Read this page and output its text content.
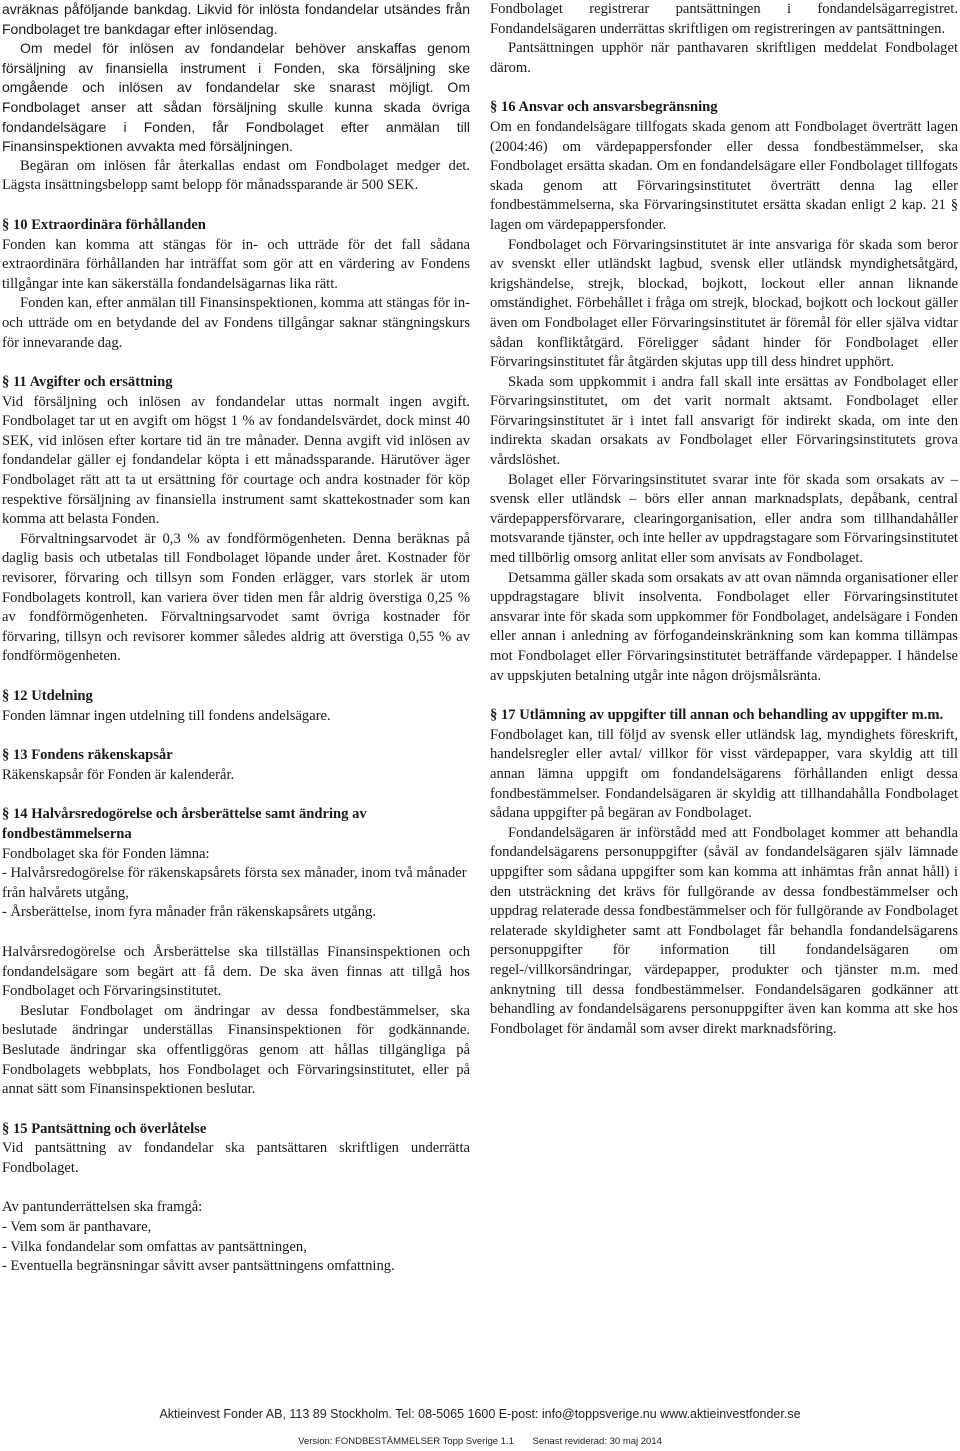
avräknas påföljande bankdag. Likvid för inlösta fondandelar utsändes från Fondbolaget tre bankdagar efter inlösendag.

Om medel för inlösen av fondandelar behöver anskaffas genom försäljning av finansiella instrument i Fonden, ska försäljning ske omgående och inlösen av fondandelar ske snarast möjligt. Om Fondbolaget anser att sådan försäljning skulle kunna skada övriga fondandelsägare i Fonden, får Fondbolaget efter anmälan till Finansinspektionen avvakta med försäljningen.

Begäran om inlösen får återkallas endast om Fondbolaget medger det. Lägsta insättningsbelopp samt belopp för månadssparande är 500 SEK.

§ 10 Extraordinära förhållanden

Fonden kan komma att stängas för in- och utträde för det fall sådana extraordinära förhållanden har inträffat som gör att en värdering av Fondens tillgångar inte kan säkerställa fondandelsägarnas lika rätt.

Fonden kan, efter anmälan till Finansinspektionen, komma att stängas för in- och utträde om en betydande del av Fondens tillgångar saknar stängningskurs för innevarande dag.

§ 11 Avgifter och ersättning

Vid försäljning och inlösen av fondandelar uttas normalt ingen avgift. Fondbolaget tar ut en avgift om högst 1 % av fondandelsvärdet, dock minst 40 SEK, vid inlösen efter kortare tid än tre månader. Denna avgift vid inlösen av fondandelar gäller ej fondandelar köpta i ett månadssparande. Härutöver äger Fondbolaget rätt att ta ut ersättning för courtage och andra kostnader för köp respektive försäljning av finansiella instrument samt skattekostnader som kan komma att belasta Fonden.

Förvaltningsarvodet är 0,3 % av fondförmögenheten. Denna beräknas på daglig basis och utbetalas till Fondbolaget löpande under året. Kostnader för revisorer, förvaring och tillsyn som Fonden erlägger, vars storlek är utom Fondbolagets kontroll, kan variera över tiden men får aldrig överstiga 0,25 % av fondförmögenheten. Förvaltningsarvodet samt övriga kostnader för förvaring, tillsyn och revisorer kommer således aldrig att överstiga 0,55 % av fondförmögenheten.

§ 12 Utdelning

Fonden lämnar ingen utdelning till fondens andelsägare.

§ 13 Fondens räkenskapsår

Räkenskapsår för Fonden är kalenderår.

§ 14 Halvårsredogörelse och årsberättelse samt ändring av fondbestämmelserna

Fondbolaget ska för Fonden lämna:

- Halvårsredogörelse för räkenskapsårets första sex månader, inom två månader från halvårets utgång,

- Årsberättelse, inom fyra månader från räkenskapsårets utgång.

Halvårsredogörelse och Årsberättelse ska tillställas Finansinspektionen och fondandelsägare som begärt att få dem. De ska även finnas att tillgå hos Fondbolaget och Förvaringsinstitutet.

Beslutar Fondbolaget om ändringar av dessa fondbestämmelser, ska beslutade ändringar underställas Finansinspektionen för godkännande. Beslutade ändringar ska offentliggöras genom att hållas tillgängliga på Fondbolagets webbplats, hos Fondbolaget och Förvaringsinstitutet, eller på annat sätt som Finansinspektionen beslutar.

§ 15 Pantsättning och överlåtelse

Vid pantsättning av fondandelar ska pantsättaren skriftligen underrätta Fondbolaget.

Av pantunderrättelsen ska framgå:

- Vem som är panthavare,

- Vilka fondandelar som omfattas av pantsättningen,

- Eventuella begränsningar såvitt avser pantsättningens omfattning.

Fondbolaget registrerar pantsättningen i fondandelsägarregistret. Fondandelsägaren underrättas skriftligen om registreringen av pantsättningen.

Pantsättningen upphör när panthavaren skriftligen meddelat Fondbolaget därom.

§ 16 Ansvar och ansvarsbegränsning

Om en fondandelsägare tillfogats skada genom att Fondbolaget överträtt lagen (2004:46) om värdepappersfonder eller dessa fondbestämmelser, ska Fondbolaget ersätta skadan. Om en fondandelsägare eller Fondbolaget tillfogats skada genom att Förvaringsinstitutet överträtt denna lag eller fondbestämmelserna, ska Förvaringsinstitutet ersätta skadan enligt 2 kap. 21 § lagen om värdepappersfonder.

Fondbolaget och Förvaringsinstitutet är inte ansvariga för skada som beror av svenskt eller utländskt lagbud, svensk eller utländsk myndighetsåtgärd, krigshändelse, strejk, blockad, bojkott, lockout eller annan liknande omständighet. Förbehållet i fråga om strejk, blockad, bojkott och lockout gäller även om Fondbolaget eller Förvaringsinstitutet är föremål för eller själva vidtar sådan konfliktåtgärd. Föreligger sådant hinder för Fondbolaget eller Förvaringsinstitutet får åtgärden skjutas upp till dess hindret upphört.

Skada som uppkommit i andra fall skall inte ersättas av Fondbolaget eller Förvaringsinstitutet, om det varit normalt aktsamt. Fondbolaget eller Förvaringsinstitutet är i intet fall ansvarigt för indirekt skada, om inte den indirekta skadan orsakats av Fondbolaget eller Förvaringsinstitutets grova vårdslöshet.

Bolaget eller Förvaringsinstitutet svarar inte för skada som orsakats av – svensk eller utländsk – börs eller annan marknadsplats, depåbank, central värdepappersförvarare, clearingorganisation, eller andra som tillhandahåller motsvarande tjänster, och inte heller av uppdragstagare som Förvaringsinstitutet med tillbörlig omsorg anlitat eller som anvisats av Fondbolaget.

Detsamma gäller skada som orsakats av att ovan nämnda organisationer eller uppdragstagare blivit insolventa. Fondbolaget eller Förvaringsinstitutet ansvarar inte för skada som uppkommer för Fondbolaget, andelsägare i Fonden eller annan i anledning av förfogandeinskränkning som kan komma tillämpas mot Fondbolaget eller Förvaringsinstitutet beträffande värdepapper. I händelse av uppskjuten betalning utgår inte någon dröjsmålsränta.

§ 17 Utlämning av uppgifter till annan och behandling av uppgifter m.m.

Fondbolaget kan, till följd av svensk eller utländsk lag, myndighets föreskrift, handelsregler eller avtal/ villkor för visst värdepapper, vara skyldig att till annan lämna uppgift om fondandelsägarens förhållanden enligt dessa fondbestämmelser. Fondandelsägaren är skyldig att tillhandahålla Fondbolaget sådana uppgifter på begäran av Fondbolaget.

Fondandelsägaren är införstådd med att Fondbolaget kommer att behandla fondandelsägarens personuppgifter (såväl av fondandelsägaren själv lämnade uppgifter som sådana uppgifter som kan komma att inhämtas från annat håll) i den utsträckning det krävs för fullgörande av dessa fondbestämmelser och uppdrag relaterade dessa fondbestämmelser och för fullgörande av Fondbolaget relaterade skyldigheter samt att Fondbolaget får behandla fondandelsägarens personuppgifter för information till fondandelsägaren om regel-/villkorsändringar, värdepapper, produkter och tjänster m.m. med anknytning till dessa fondbestämmelser. Fondandelsägaren godkänner att behandling av fondandelsägarens personuppgifter även kan komma att ske hos Fondbolaget för ändamål som avser direkt marknadsföring.

Aktieinvest Fonder AB, 113 89 Stockholm. Tel: 08-5065 1600 E-post: info@toppsverige.nu www.aktieinvestfonder.se
Version: FONDBESTÄMMELSER Topp Sverige 1.1 Senast reviderad: 30 maj 2014
